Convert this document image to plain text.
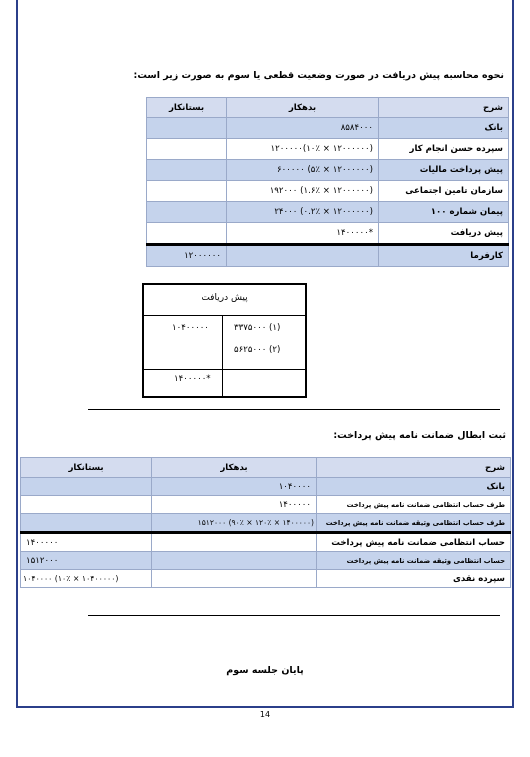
نحوه محاسبه پیش دریافت در صورت وضعیت قطعی یا سوم به صورت زیر است:
شرح	بدهکار	بستانکار
بانک	۸۵۸۴۰۰۰	
سپرده حسن انجام کار	۱۲۰۰۰۰۰(۱۰٪ × ۱۲۰۰۰۰۰۰)	
پیش پرداخت مالیات	۶۰۰۰۰۰ (۵٪ × ۱۲۰۰۰۰۰۰)	
سازمان تامین اجتماعی	۱۹۲۰۰۰ (۱.۶٪ × ۱۲۰۰۰۰۰۰)	
پیمان شماره ۱۰۰	۲۴۰۰۰ (۰.۲٪ × ۱۲۰۰۰۰۰۰)	
پیش دریافت	۱۴۰۰۰۰۰*	
کارفرما		۱۲۰۰۰۰۰۰
پیش دریافت
(۱) ۳۳۷۵۰۰۰
(۲) ۵۶۲۵۰۰۰
۱۰۴۰۰۰۰۰
۱۴۰۰۰۰۰*
ثبت ابطال ضمانت نامه پیش پرداخت:
شرح	بدهکار	بستانکار
بانک	۱۰۴۰۰۰۰	
طرف حساب انتظامی ضمانت نامه پیش پرداخت	۱۴۰۰۰۰۰	
طرف حساب انتظامی وثیقه ضمانت نامه پیش پرداخت	۱۵۱۲۰۰۰ (۹۰٪ × ۱۲۰٪ × ۱۴۰۰۰۰۰)	
حساب انتظامی ضمانت نامه پیش پرداخت		۱۴۰۰۰۰۰
حساب انتظامی وثیقه ضمانت نامه پیش پرداخت		۱۵۱۲۰۰۰
سپرده نقدی		۱۰۴۰۰۰۰ (۱۰٪ × ۱۰۴۰۰۰۰۰)
پایان جلسه سوم
14
